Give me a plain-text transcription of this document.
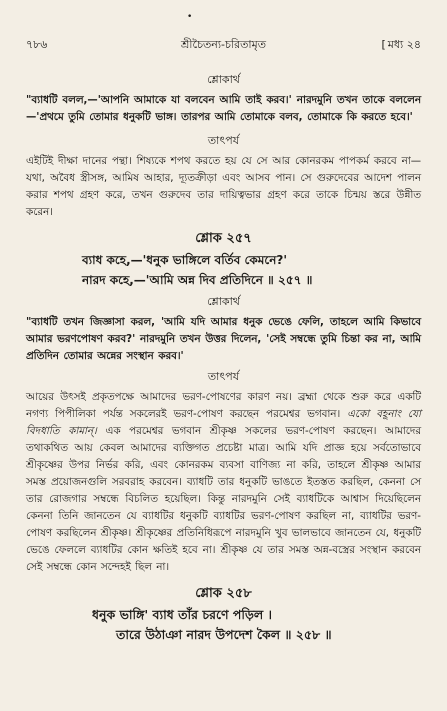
•
৭৮৬	শ্রীচৈতন্য-চরিতামৃত	[ মধ্য ২৪

শ্লোকার্থ

"ব্যাধটি বলল,—'আপনি আমাকে যা বলবেন আমি তাই করব।' নারদমুনি তখন তাকে বললেন—'প্রথমে তুমি তোমার ধনুকটি ভাঙ্গ। তারপর আমি তোমাকে বলব, তোমাকে কি করতে হবে।'

তাৎপর্য

এইটিই দীক্ষা দানের পন্থা। শিষ্যকে শপথ করতে হয় যে সে আর কোনরকম পাপকর্ম করবে না—যথা, অবৈধ স্ত্রীসঙ্গ, আমিষ আহার, দ্যূতক্রীড়া এবং আসব পান। সে গুরুদেবের আদেশ পালন করার শপথ গ্রহণ করে, তখন গুরুদেব তার দায়িত্বভার গ্রহণ করে তাকে চিন্ময় স্তরে উন্নীত করেন।

শ্লোক ২৫৭

ব্যাধ কহে,—'ধনুক ভাঙ্গিলে বর্তিব কেমনে?'

নারদ কহে,—'আমি অন্ন দিব প্রতিদিনে ॥ ২৫৭ ॥

শ্লোকার্থ

"ব্যাধটি তখন জিজ্ঞাসা করল, 'আমি যদি আমার ধনুক ভেঙে ফেলি, তাহলে আমি কিভাবে আমার ভরণপোষণ করব?' নারদমুনি তখন উত্তর দিলেন, 'সেই সম্বন্ধে তুমি চিন্তা কর না, আমি প্রতিদিন তোমার অন্নের সংস্থান করব।'

তাৎপর্য

আয়ের উৎসই প্রকৃতপক্ষে আমাদের ভরণ-পোষণের কারণ নয়। ব্রহ্মা থেকে শুরু করে একটি নগণ্য পিপীলিকা পর্যন্ত সকলেরই ভরণ-পোষণ করছেন পরমেশ্বর ভগবান। একো বহূনাং যো বিদধাতি কামান্। এক পরমেশ্বর ভগবান শ্রীকৃষ্ণ সকলের ভরণ-পোষণ করছেন। আমাদের তথাকথিত আয় কেবল আমাদের ব্যক্তিগত প্রচেষ্টা মাত্র। আমি যদি প্রাজ্ঞ হয়ে সর্বতোভাবে শ্রীকৃষ্ণের উপর নির্ভর করি, এবং কোনরকম ব্যবসা বাণিজ্য না করি, তাহলে শ্রীকৃষ্ণ আমার সমস্ত প্রয়োজনগুলি সরবরাহ করবেন। ব্যাধটি তার ধনুকটি ভাঙতে ইতস্তত করছিল, কেননা সে তার রোজগার সম্বন্ধে বিচলিত হয়েছিল। কিন্তু নারদমুনি সেই ব্যাধটিকে আশ্বাস দিয়েছিলেন কেননা তিনি জানতেন যে ব্যাধটির ধনুকটি ব্যাধটির ভরণ-পোষণ করছিল না, ব্যাধটির ভরণ-পোষণ করছিলেন শ্রীকৃষ্ণ। শ্রীকৃষ্ণের প্রতিনিধিরূপে নারদমুনি খুব ভালভাবে জানতেন যে, ধনুকটি ভেঙে ফেললে ব্যাধটির কোন ক্ষতিই হবে না। শ্রীকৃষ্ণ যে তার সমস্ত অন্ন-বস্ত্রের সংস্থান করবেন সেই সম্বন্ধে কোন সন্দেহই ছিল না।

শ্লোক ২৫৮

ধনুক ভাঙ্গি' ব্যাধ তাঁর চরণে পড়িল ।

তারে উঠাঞা নারদ উপদেশ কৈল ॥ ২৫৮ ॥
